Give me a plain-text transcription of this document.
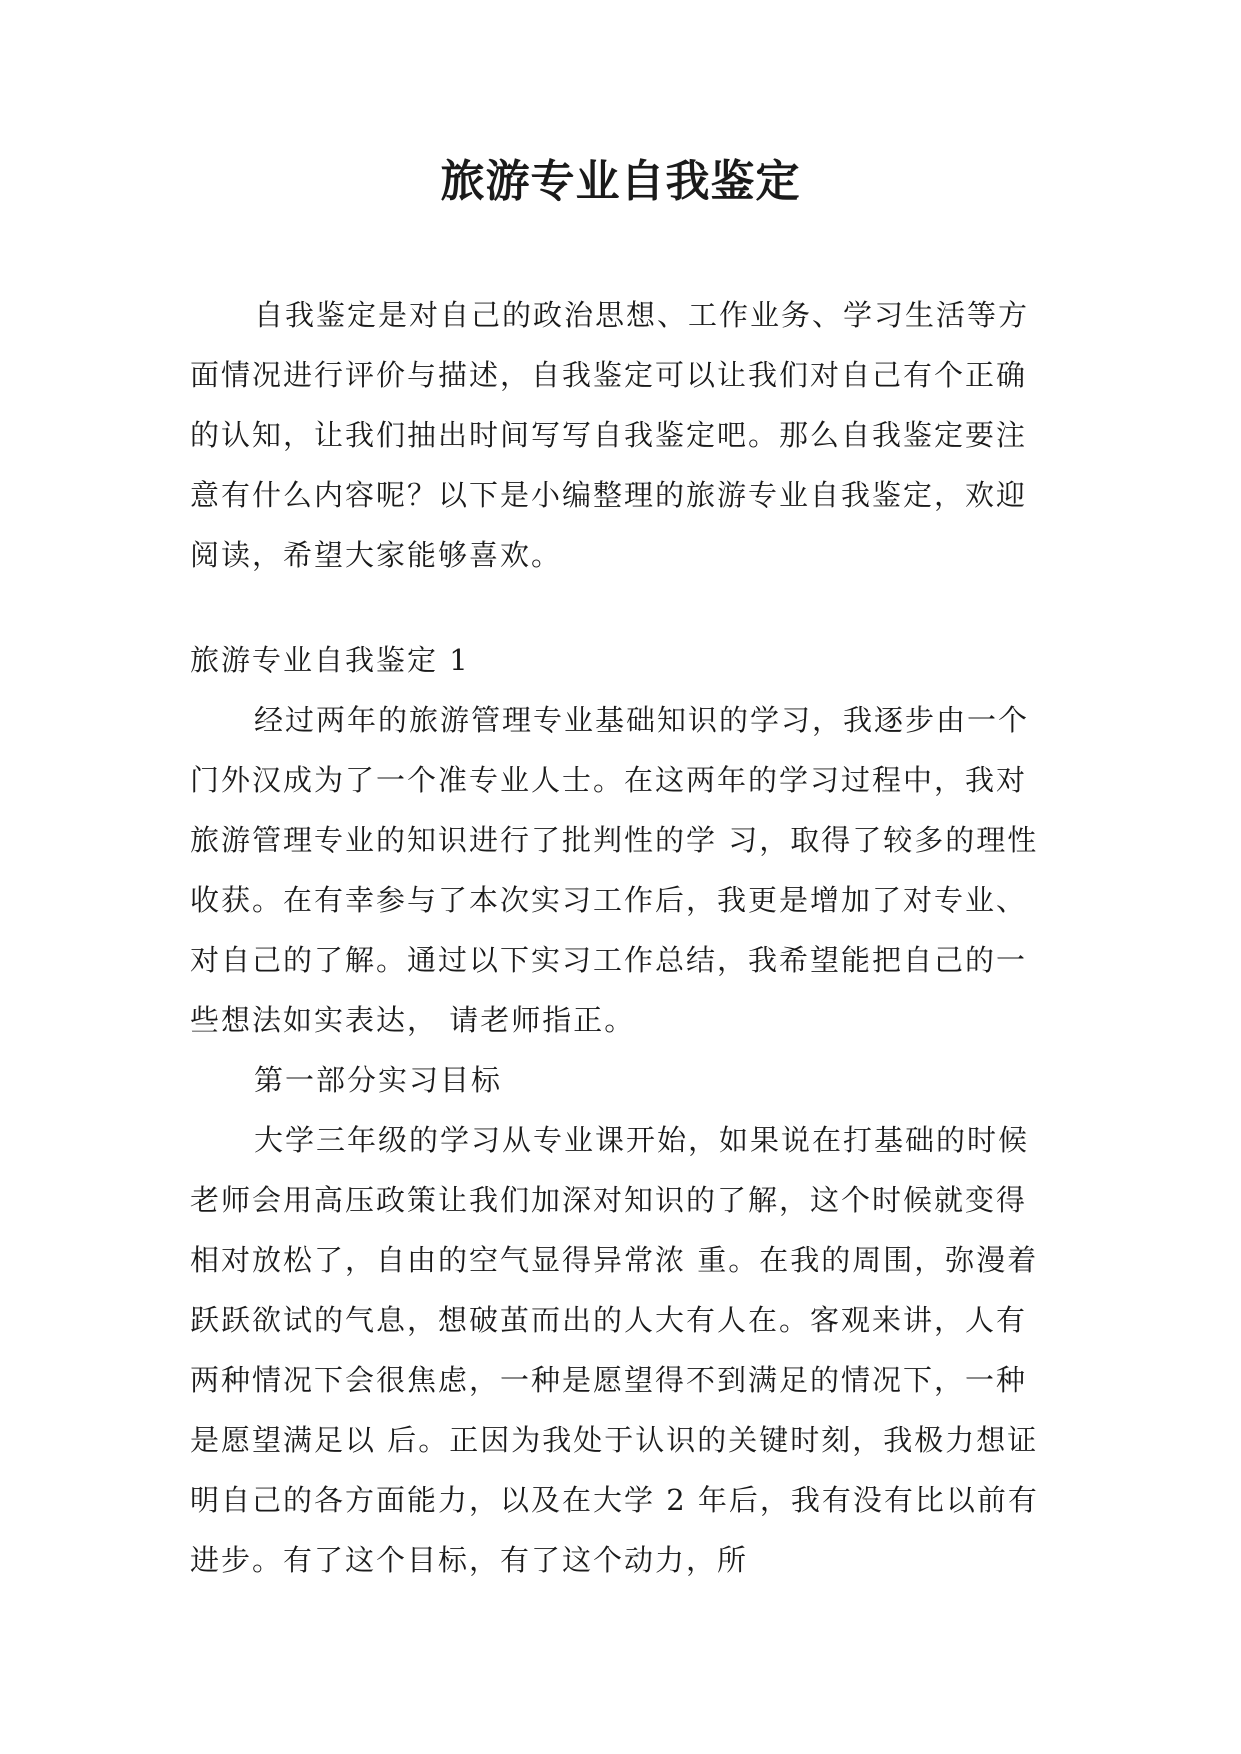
旅游专业自我鉴定

自我鉴定是对自己的政治思想、工作业务、学习生活等方面情况进行评价与描述，自我鉴定可以让我们对自己有个正确的认知，让我们抽出时间写写自我鉴定吧。那么自我鉴定要注意有什么内容呢？以下是小编整理的旅游专业自我鉴定，欢迎阅读，希望大家能够喜欢。

旅游专业自我鉴定 1

经过两年的旅游管理专业基础知识的学习，我逐步由一个门外汉成为了一个准专业人士。在这两年的学习过程中，我对旅游管理专业的知识进行了批判性的学 习，取得了较多的理性收获。在有幸参与了本次实习工作后，我更是增加了对专业、对自己的了解。通过以下实习工作总结，我希望能把自己的一些想法如实表达， 请老师指正。

第一部分实习目标

大学三年级的学习从专业课开始，如果说在打基础的时候老师会用高压政策让我们加深对知识的了解，这个时候就变得相对放松了，自由的空气显得异常浓 重。在我的周围，弥漫着跃跃欲试的气息，想破茧而出的人大有人在。客观来讲，人有两种情况下会很焦虑，一种是愿望得不到满足的情况下，一种是愿望满足以 后。正因为我处于认识的关键时刻，我极力想证明自己的各方面能力，以及在大学 2 年后，我有没有比以前有进步。有了这个目标，有了这个动力，所
